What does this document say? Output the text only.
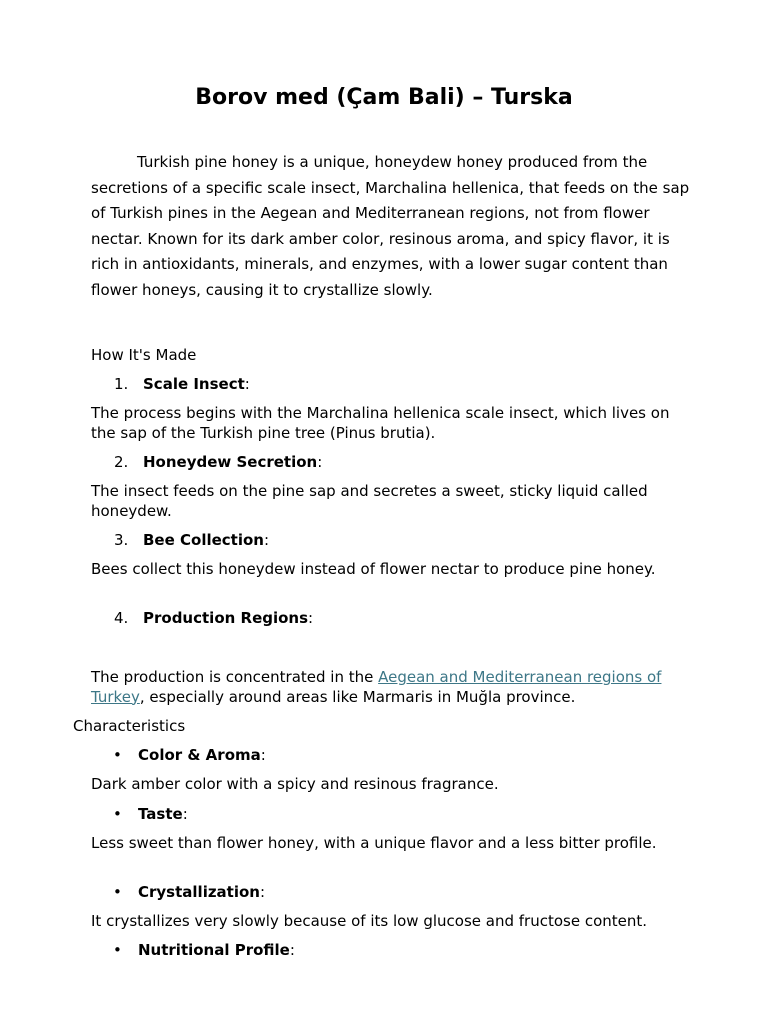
Borov med (Çam Bali) – Turska
Turkish pine honey is a unique, honeydew honey produced from the secretions of a specific scale insect, Marchalina hellenica, that feeds on the sap of Turkish pines in the Aegean and Mediterranean regions, not from flower nectar. Known for its dark amber color, resinous aroma, and spicy flavor, it is rich in antioxidants, minerals, and enzymes, with a lower sugar content than flower honeys, causing it to crystallize slowly.
How It's Made
1. Scale Insect:
The process begins with the Marchalina hellenica scale insect, which lives on the sap of the Turkish pine tree (Pinus brutia).
2. Honeydew Secretion:
The insect feeds on the pine sap and secretes a sweet, sticky liquid called honeydew.
3. Bee Collection:
Bees collect this honeydew instead of flower nectar to produce pine honey.
4. Production Regions:
The production is concentrated in the Aegean and Mediterranean regions of Turkey, especially around areas like Marmaris in Muğla province.
Characteristics
• Color & Aroma:
Dark amber color with a spicy and resinous fragrance.
• Taste:
Less sweet than flower honey, with a unique flavor and a less bitter profile.
• Crystallization:
It crystallizes very slowly because of its low glucose and fructose content.
• Nutritional Profile:
